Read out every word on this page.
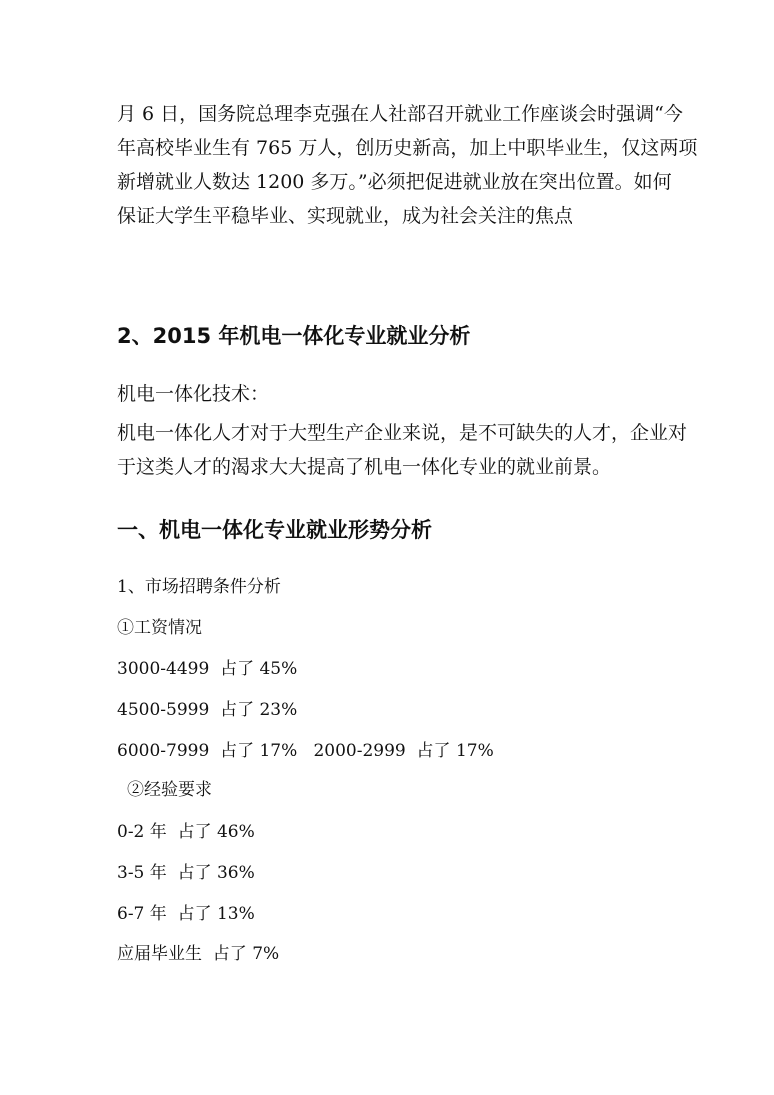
月 6 日，国务院总理李克强在人社部召开就业工作座谈会时强调“今
年高校毕业生有 765 万人，创历史新高，加上中职毕业生，仅这两项
新增就业人数达 1200 多万。”必须把促进就业放在突出位置。如何
保证大学生平稳毕业、实现就业，成为社会关注的焦点
2、2015 年机电一体化专业就业分析
机电一体化技术：
机电一体化人才对于大型生产企业来说，是不可缺失的人才，企业对
于这类人才的渴求大大提高了机电一体化专业的就业前景。
一、机电一体化专业就业形势分析
1、市场招聘条件分析
①工资情况
3000-4499  占了 45%
4500-5999  占了 23%
6000-7999  占了 17%   2000-2999  占了 17%
②经验要求
0-2 年  占了 46%
3-5 年  占了 36%
6-7 年  占了 13%
应届毕业生  占了 7%
